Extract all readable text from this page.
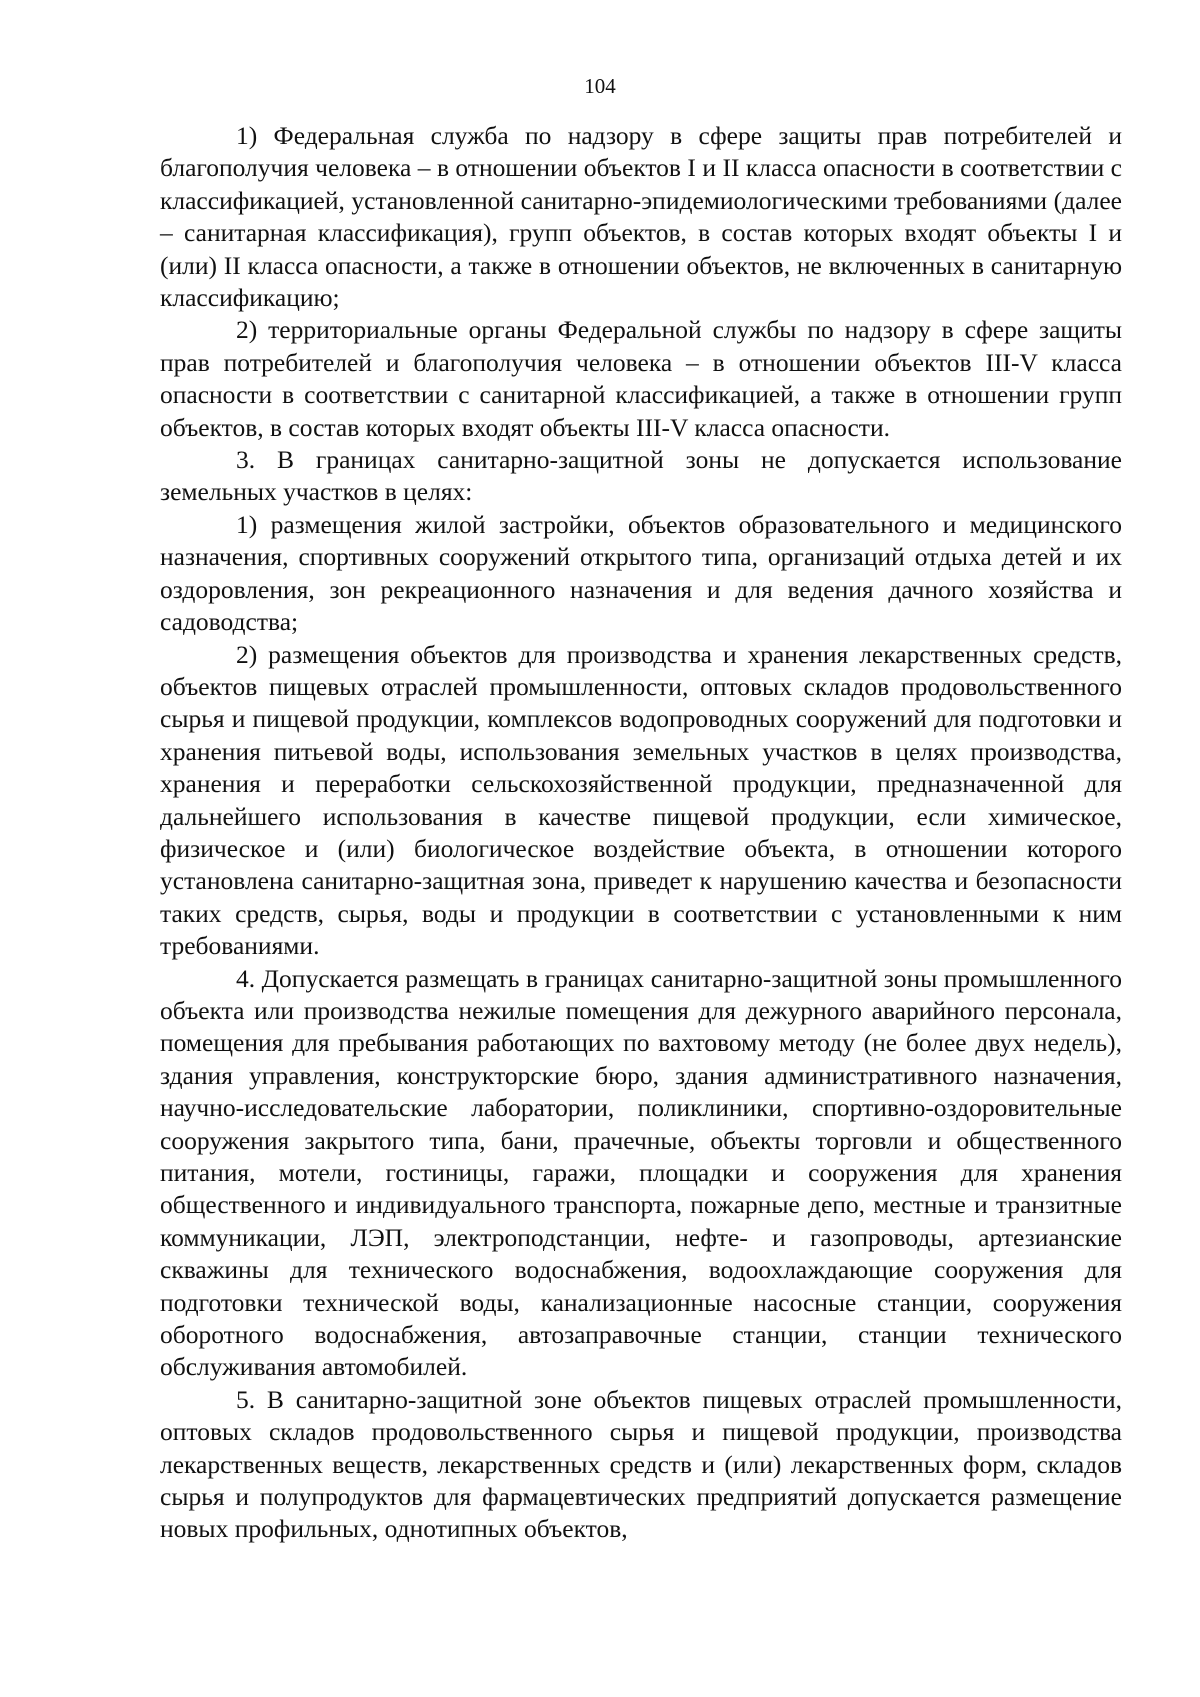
104

1) Федеральная служба по надзору в сфере защиты прав потребителей и благополучия человека – в отношении объектов I и II класса опасности в соответствии с классификацией, установленной санитарно-эпидемиологическими требованиями (далее – санитарная классификация), групп объектов, в состав которых входят объекты I и (или) II класса опасности, а также в отношении объектов, не включенных в санитарную классификацию;

2) территориальные органы Федеральной службы по надзору в сфере защиты прав потребителей и благополучия человека – в отношении объектов III-V класса опасности в соответствии с санитарной классификацией, а также в отношении групп объектов, в состав которых входят объекты III-V класса опасности.

3. В границах санитарно-защитной зоны не допускается использование земельных участков в целях:

1) размещения жилой застройки, объектов образовательного и медицинского назначения, спортивных сооружений открытого типа, организаций отдыха детей и их оздоровления, зон рекреационного назначения и для ведения дачного хозяйства и садоводства;

2) размещения объектов для производства и хранения лекарственных средств, объектов пищевых отраслей промышленности, оптовых складов продовольственного сырья и пищевой продукции, комплексов водопроводных сооружений для подготовки и хранения питьевой воды, использования земельных участков в целях производства, хранения и переработки сельскохозяйственной продукции, предназначенной для дальнейшего использования в качестве пищевой продукции, если химическое, физическое и (или) биологическое воздействие объекта, в отношении которого установлена санитарно-защитная зона, приведет к нарушению качества и безопасности таких средств, сырья, воды и продукции в соответствии с установленными к ним требованиями.

4. Допускается размещать в границах санитарно-защитной зоны промышленного объекта или производства нежилые помещения для дежурного аварийного персонала, помещения для пребывания работающих по вахтовому методу (не более двух недель), здания управления, конструкторские бюро, здания административного назначения, научно-исследовательские лаборатории, поликлиники, спортивно-оздоровительные сооружения закрытого типа, бани, прачечные, объекты торговли и общественного питания, мотели, гостиницы, гаражи, площадки и сооружения для хранения общественного и индивидуального транспорта, пожарные депо, местные и транзитные коммуникации, ЛЭП, электроподстанции, нефте- и газопроводы, артезианские скважины для технического водоснабжения, водоохлаждающие сооружения для подготовки технической воды, канализационные насосные станции, сооружения оборотного водоснабжения, автозаправочные станции, станции технического обслуживания автомобилей.

5. В санитарно-защитной зоне объектов пищевых отраслей промышленности, оптовых складов продовольственного сырья и пищевой продукции, производства лекарственных веществ, лекарственных средств и (или) лекарственных форм, складов сырья и полупродуктов для фармацевтических предприятий допускается размещение новых профильных, однотипных объектов,
